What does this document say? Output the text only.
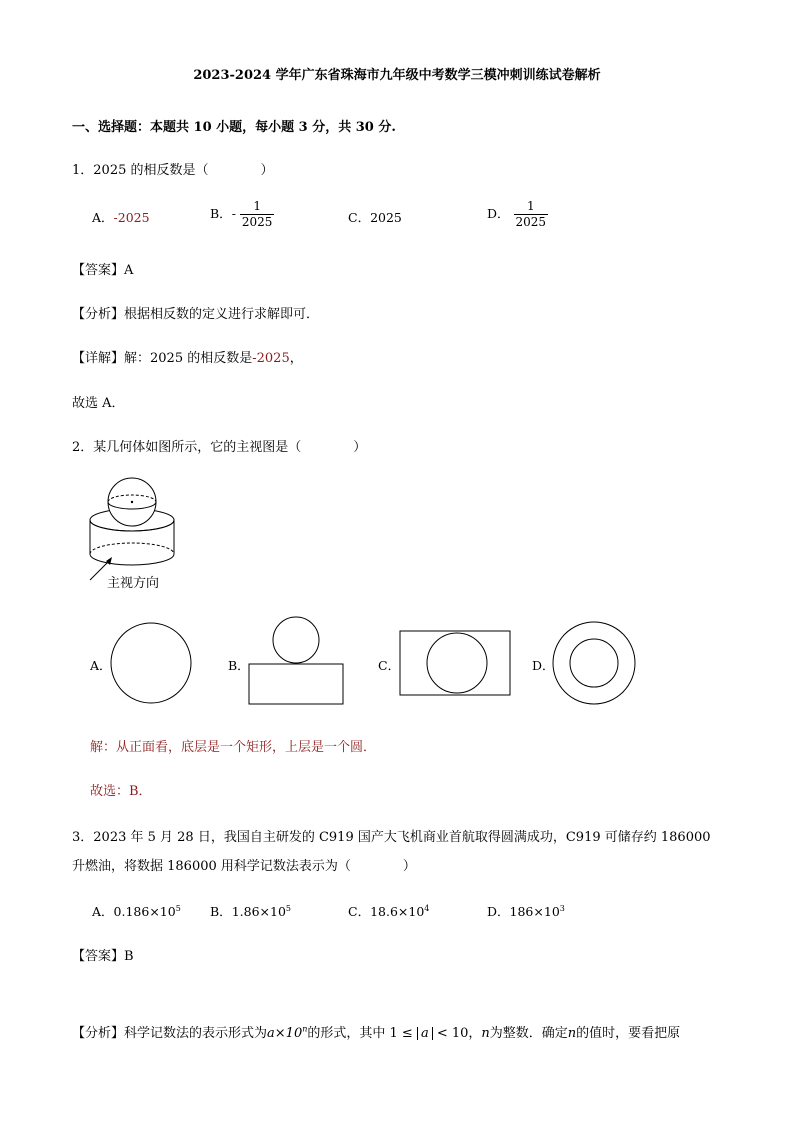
2023-2024 学年广东省珠海市九年级中考数学三模冲刺训练试卷解析
一、选择题：本题共 10 小题，每小题 3 分，共 30 分.
1．2025 的相反数是（　　　　）
A．-2025	B．- $\frac{1}{2025}$	C．2025	D． $\frac{1}{2025}$
【答案】A
【分析】根据相反数的定义进行求解即可．
【详解】解：2025 的相反数是-2025，
故选 A．
2．某几何体如图所示，它的主视图是（　　　　）
主视方向
A．	B．	C．	D．
解：从正面看，底层是一个矩形，上层是一个圆．
故选：B．
3．2023 年 5 月 28 日，我国自主研发的 C919 国产大飞机商业首航取得圆满成功，C919 可储存约 186000
升燃油，将数据 186000 用科学记数法表示为（　　　　）
A．$0.186\times 10^5$ B．$1.86\times 10^5$	C．$18.6\times 10^4$	D．$186\times 10^3$
【答案】B
【分析】科学记数法的表示形式为$a\times 10^n$的形式，其中 1 ≤ a < 10，n为整数．确定n的值时，要看把原
